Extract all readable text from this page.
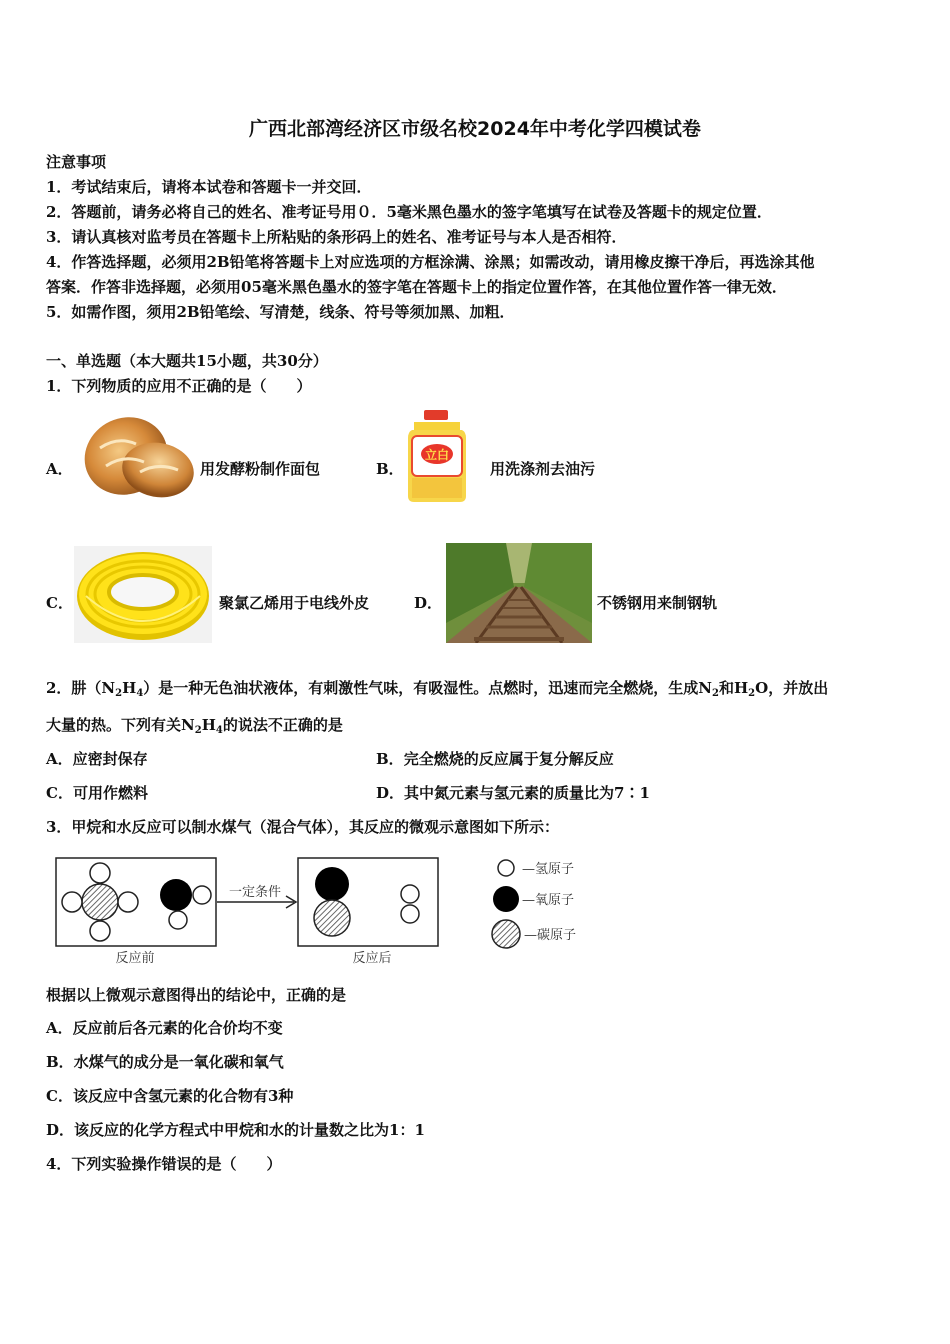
广西北部湾经济区市级名校2024年中考化学四模试卷
注意事项
1．考试结束后，请将本试卷和答题卡一并交回．
2．答题前，请务必将自己的姓名、准考证号用０．5毫米黑色墨水的签字笔填写在试卷及答题卡的规定位置．
3．请认真核对监考员在答题卡上所粘贴的条形码上的姓名、准考证号与本人是否相符．
4．作答选择题，必须用2B铅笔将答题卡上对应选项的方框涂满、涂黑；如需改动，请用橡皮擦干净后，再选涂其他
答案．作答非选择题，必须用05毫米黑色墨水的签字笔在答题卡上的指定位置作答，在其他位置作答一律无效．
5．如需作图，须用2B铅笔绘、写清楚，线条、符号等须加黑、加粗．
一、单选题（本大题共15小题，共30分）
1．下列物质的应用不正确的是（　　）
A．	用发酵粉制作面包	B．
立白
用洗涤剂去油污
C．	聚氯乙烯用于电线外皮	D．	不锈钢用来制钢轨
2．肼$(N_2H_4)$是一种无色油状液体，有刺激性气味，有吸湿性。点燃时，迅速而完全燃烧，生成$N_2$和$H_2O$，并放出
大量的热。下列有关$N_2H_4$的说法不正确的是
A．应密封保存	B．完全燃烧的反应属于复分解反应
C．可用作燃料	D．其中氮元素与氢元素的质量比为7∶1
3．甲烷和水反应可以制水煤气（混合气体），其反应的微观示意图如下所示：
一定条件
反应前	反应后
—氢原子
—氧原子
—碳原子
根据以上微观示意图得出的结论中，正确的是
A．反应前后各元素的化合价均不变
B．水煤气的成分是一氧化碳和氧气
C．该反应中含氢元素的化合物有3种
D．该反应的化学方程式中甲烷和水的计量数之比为1：1
4．下列实验操作错误的是（　　）
